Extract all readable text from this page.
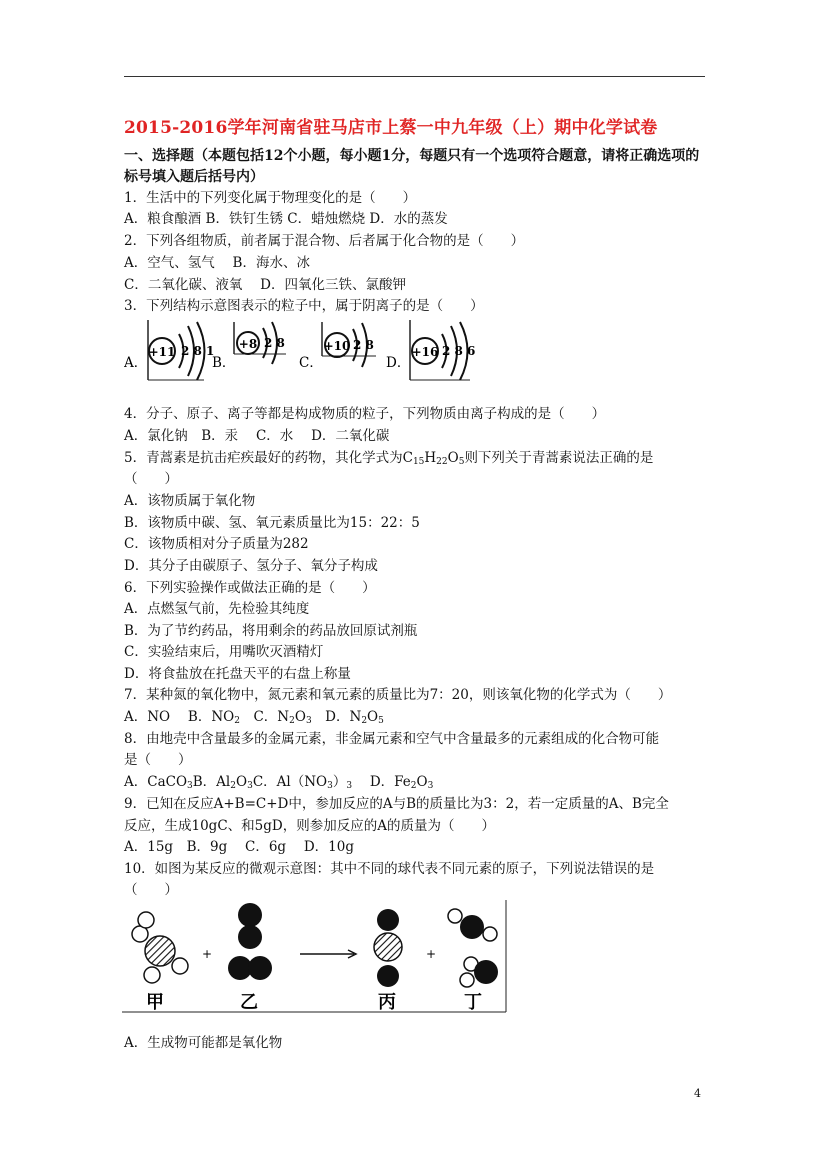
2015-2016学年河南省驻马店市上蔡一中九年级（上）期中化学试卷
一、选择题（本题包括12个小题，每小题1分，每题只有一个选项符合题意，请将正确选项的标号填入题后括号内）
1．生活中的下列变化属于物理变化的是（　　）
A．粮食酿酒 B．铁钉生锈 C．蜡烛燃烧 D．水的蒸发
2．下列各组物质，前者属于混合物、后者属于化合物的是（　　）
A．空气、氢气　 B．海水、冰
C．二氧化碳、液氧　 D．四氧化三铁、氯酸钾
3．下列结构示意图表示的粒子中，属于阴离子的是（　　）
A．
+11 2 8 1
B．
+8 2 8
C．
+10 2 8
D．
+16 2 8 6
4．分子、原子、离子等都是构成物质的粒子，下列物质由离子构成的是（　　）
A．氯化钠　B．汞　 C．水　 D．二氧化碳
5．青蒿素是抗击疟疾最好的药物，其化学式为$C_{15}H_{22}O_5$则下列关于青蒿素说法正确的是
（　　）
A．该物质属于氧化物
B．该物质中碳、氢、氧元素质量比为15：22：5
C．该物质相对分子质量为282
D．其分子由碳原子、氢分子、氧分子构成
6．下列实验操作或做法正确的是（　　）
A．点燃氢气前，先检验其纯度
B．为了节约药品，将用剩余的药品放回原试剂瓶
C．实验结束后，用嘴吹灭酒精灯
D．将食盐放在托盘天平的右盘上称量
7．某种氮的氧化物中，氮元素和氧元素的质量比为7：20，则该氧化物的化学式为（　　）
A．NO　 B．$NO_2$　C．$N_2O_3$　D．$N_2O_5$
8．由地壳中含量最多的金属元素，非金属元素和空气中含量最多的元素组成的化合物可能
是（　　）
A．CaCO$_3$B．$Al_2O_3C$．$Al(NO_3)_3$　 D．$Fe_2O_3$
9．已知在反应A+B=C+D中，参加反应的A与B的质量比为3：2，若一定质量的A、B完全
反应，生成10gC、和5gD，则参加反应的A的质量为（　　）
A．15g　B．9g　 C．6g　 D．10g
10．如图为某反应的微观示意图：其中不同的球代表不同元素的原子，下列说法错误的是
（　　）
+	+
甲	乙	丙	丁
A．生成物可能都是氧化物
4
